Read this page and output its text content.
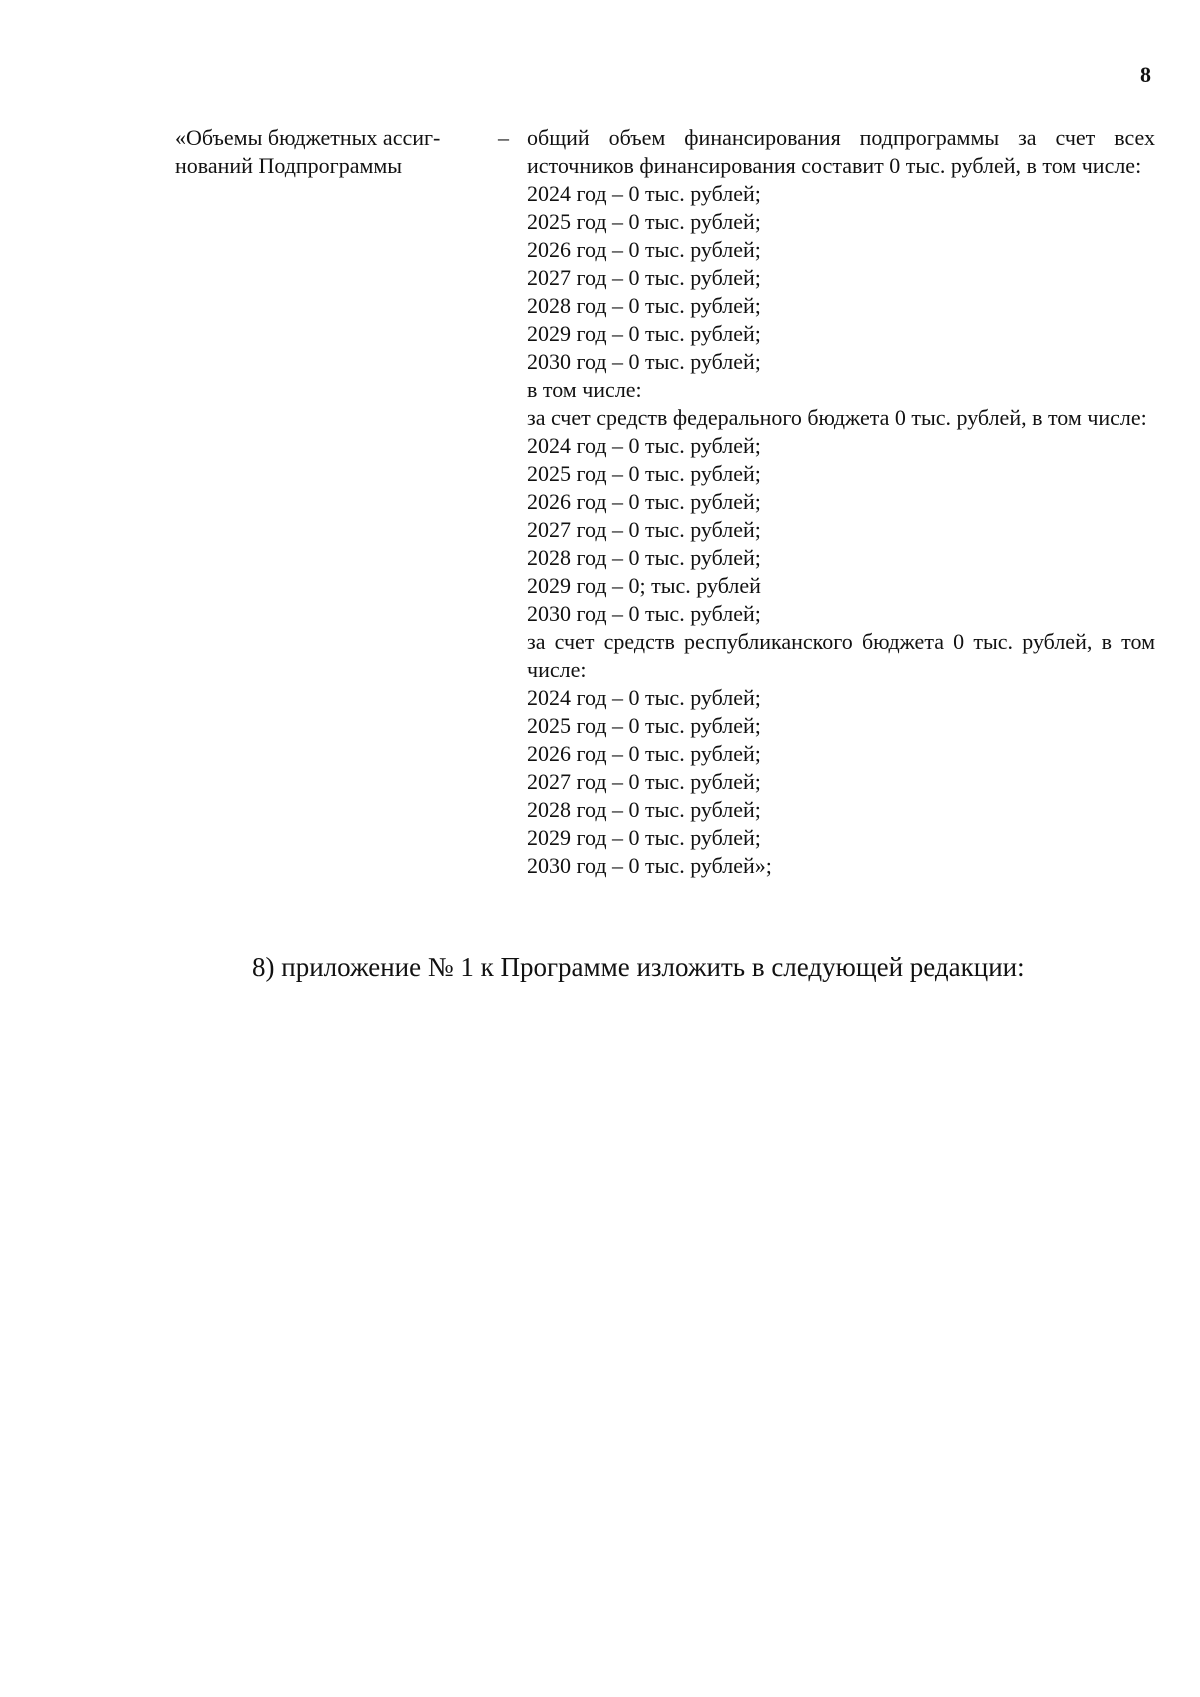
8
«Объемы бюджетных ассиг-нований Подпрограммы
– общий объем финансирования подпрограммы за счет всех источников финансирования составит 0 тыс. рублей, в том числе:
2024 год – 0 тыс. рублей;
2025 год – 0 тыс. рублей;
2026 год – 0 тыс. рублей;
2027 год – 0 тыс. рублей;
2028 год – 0 тыс. рублей;
2029 год – 0 тыс. рублей;
2030 год – 0 тыс. рублей;
в том числе:
за счет средств федерального бюджета 0 тыс. рублей, в том числе:
2024 год – 0 тыс. рублей;
2025 год – 0 тыс. рублей;
2026 год – 0 тыс. рублей;
2027 год – 0 тыс. рублей;
2028 год – 0 тыс. рублей;
2029 год – 0; тыс. рублей
2030 год – 0 тыс. рублей;
за счет средств республиканского бюджета 0 тыс. рублей, в том числе:
2024 год – 0 тыс. рублей;
2025 год – 0 тыс. рублей;
2026 год – 0 тыс. рублей;
2027 год – 0 тыс. рублей;
2028 год – 0 тыс. рублей;
2029 год – 0 тыс. рублей;
2030 год – 0 тыс. рублей»;
8) приложение № 1 к Программе изложить в следующей редакции:
